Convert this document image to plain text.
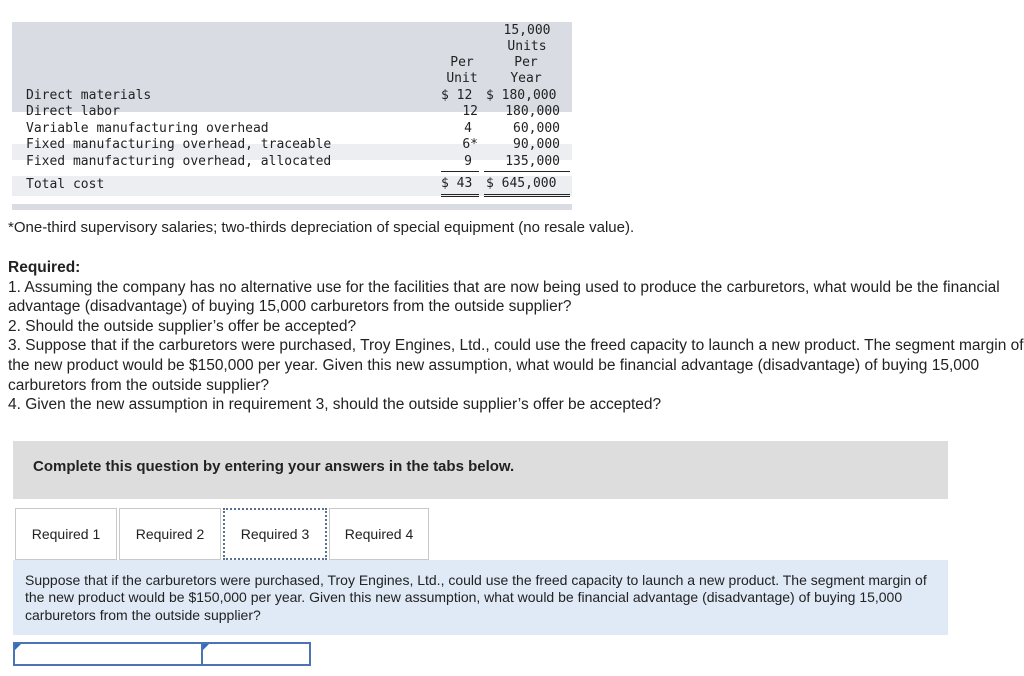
15,000
Units
Per
Unit
Per
Year
Direct materials	$ 12 $ 180,000
Direct labor	12	180,000
Variable manufacturing overhead	4	60,000
Fixed manufacturing overhead, traceable	6*	90,000
Fixed manufacturing overhead, allocated	9	135,000
Total cost	$ 43 $ 645,000
*One-third supervisory salaries; two-thirds depreciation of special equipment (no resale value).
Required:
1. Assuming the company has no alternative use for the facilities that are now being used to produce the carburetors, what would be the financial advantage (disadvantage) of buying 15,000 carburetors from the outside supplier?
2. Should the outside supplier’s offer be accepted?
3. Suppose that if the carburetors were purchased, Troy Engines, Ltd., could use the freed capacity to launch a new product. The segment margin of the new product would be $150,000 per year. Given this new assumption, what would be financial advantage (disadvantage) of buying 15,000 carburetors from the outside supplier?
4. Given the new assumption in requirement 3, should the outside supplier’s offer be accepted?
Complete this question by entering your answers in the tabs below.
Required 1	Required 2	Required 3	Required 4
Suppose that if the carburetors were purchased, Troy Engines, Ltd., could use the freed capacity to launch a new product. The segment margin of the new product would be $150,000 per year. Given this new assumption, what would be financial advantage (disadvantage) of buying 15,000 carburetors from the outside supplier?
